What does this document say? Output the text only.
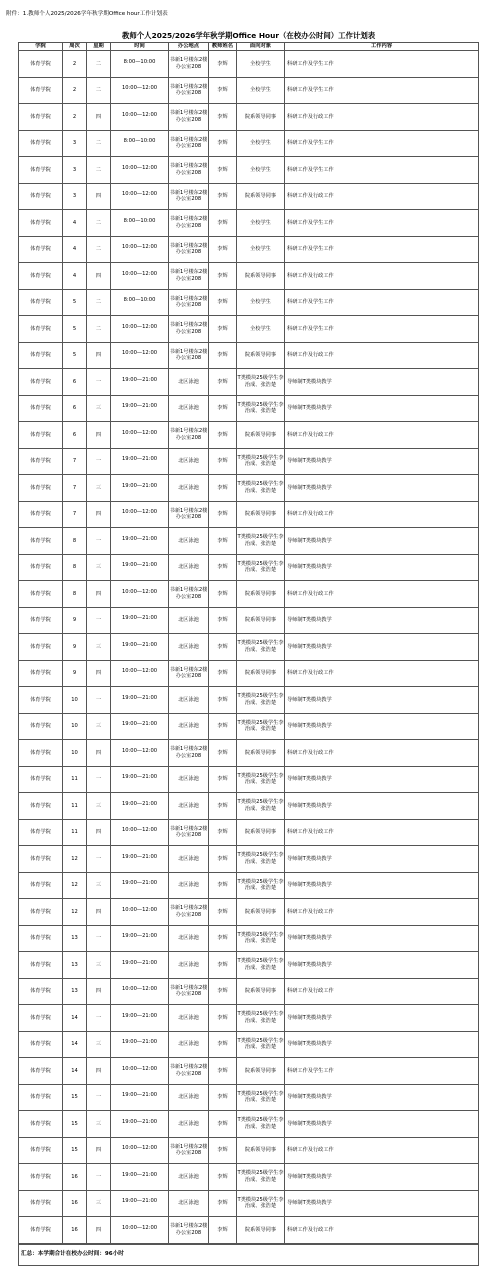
附件：1.教师个人2025/2026学年秋学期Office hour工作计划表
教师个人2025/2026学年秋学期Office Hour（在校办公时间）工作计划表							
学院	周次	星期	时间	办公地点	教师姓名	面向对象	工作内容
体育学院	2	二	8:00—10:00	书新1号楼东2楼办公室208	李辉	全校学生	科研工作及学生工作
体育学院	2	二	10:00—12:00	书新1号楼东2楼办公室208	李辉	全校学生	科研工作及学生工作
体育学院	2	四	10:00—12:00	书新1号楼东2楼办公室208	李辉	院系领导同事	科研工作及行政工作
体育学院	3	二	8:00—10:00	书新1号楼东2楼办公室208	李辉	全校学生	科研工作及学生工作
体育学院	3	二	10:00—12:00	书新1号楼东2楼办公室208	李辉	全校学生	科研工作及学生工作
体育学院	3	四	10:00—12:00	书新1号楼东2楼办公室208	李辉	院系领导同事	科研工作及行政工作
体育学院	4	二	8:00—10:00	书新1号楼东2楼办公室208	李辉	全校学生	科研工作及学生工作
体育学院	4	二	10:00—12:00	书新1号楼东2楼办公室208	李辉	全校学生	科研工作及学生工作
体育学院	4	四	10:00—12:00	书新1号楼东2楼办公室208	李辉	院系领导同事	科研工作及行政工作
体育学院	5	二	8:00—10:00	书新1号楼东2楼办公室208	李辉	全校学生	科研工作及学生工作
体育学院	5	二	10:00—12:00	书新1号楼东2楼办公室208	李辉	全校学生	科研工作及学生工作
体育学院	5	四	10:00—12:00	书新1号楼东2楼办公室208	李辉	院系领导同事	科研工作及行政工作
体育学院	6	一	19:00—21:00	北区泳池	李辉	T类模块25级学生李治成、张浩楚	导师制T类模块教学
体育学院	6	三	19:00—21:00	北区泳池	李辉	T类模块25级学生李治成、张浩楚	导师制T类模块教学
体育学院	6	四	10:00—12:00	书新1号楼东2楼办公室208	李辉	院系领导同事	科研工作及行政工作
体育学院	7	一	19:00—21:00	北区泳池	李辉	T类模块25级学生李治成、张浩楚	导师制T类模块教学
体育学院	7	三	19:00—21:00	北区泳池	李辉	T类模块25级学生李治成、张浩楚	导师制T类模块教学
体育学院	7	四	10:00—12:00	书新1号楼东2楼办公室208	李辉	院系领导同事	科研工作及行政工作
体育学院	8	一	19:00—21:00	北区泳池	李辉	T类模块25级学生李治成、张浩楚	导师制T类模块教学
体育学院	8	三	19:00—21:00	北区泳池	李辉	T类模块25级学生李治成、张浩楚	导师制T类模块教学
体育学院	8	四	10:00—12:00	书新1号楼东2楼办公室208	李辉	院系领导同事	科研工作及行政工作
体育学院	9	一	19:00—21:00	北区泳池	李辉	院系领导同事	导师制T类模块教学
体育学院	9	三	19:00—21:00	北区泳池	李辉	T类模块25级学生李治成、张浩楚	导师制T类模块教学
体育学院	9	四	10:00—12:00	书新1号楼东2楼办公室208	李辉	院系领导同事	科研工作及行政工作
体育学院	10	一	19:00—21:00	北区泳池	李辉	T类模块25级学生李治成、张浩楚	导师制T类模块教学
体育学院	10	三	19:00—21:00	北区泳池	李辉	T类模块25级学生李治成、张浩楚	导师制T类模块教学
体育学院	10	四	10:00—12:00	书新1号楼东2楼办公室208	李辉	院系领导同事	科研工作及行政工作
体育学院	11	一	19:00—21:00	北区泳池	李辉	T类模块25级学生李治成、张浩楚	导师制T类模块教学
体育学院	11	三	19:00—21:00	北区泳池	李辉	T类模块25级学生李治成、张浩楚	导师制T类模块教学
体育学院	11	四	10:00—12:00	书新1号楼东2楼办公室208	李辉	院系领导同事	科研工作及行政工作
体育学院	12	一	19:00—21:00	北区泳池	李辉	T类模块25级学生李治成、张浩楚	导师制T类模块教学
体育学院	12	三	19:00—21:00	北区泳池	李辉	T类模块25级学生李治成、张浩楚	导师制T类模块教学
体育学院	12	四	10:00—12:00	书新1号楼东2楼办公室208	李辉	院系领导同事	科研工作及行政工作
体育学院	13	一	19:00—21:00	北区泳池	李辉	T类模块25级学生李治成、张浩楚	导师制T类模块教学
体育学院	13	三	19:00—21:00	北区泳池	李辉	T类模块25级学生李治成、张浩楚	导师制T类模块教学
体育学院	13	四	10:00—12:00	书新1号楼东2楼办公室208	李辉	院系领导同事	科研工作及行政工作
体育学院	14	一	19:00—21:00	北区泳池	李辉	T类模块25级学生李治成、张浩楚	导师制T类模块教学
体育学院	14	三	19:00—21:00	北区泳池	李辉	T类模块25级学生李治成、张浩楚	导师制T类模块教学
体育学院	14	四	10:00—12:00	书新1号楼东2楼办公室208	李辉	院系领导同事	科研工作及学生工作
体育学院	15	一	19:00—21:00	北区泳池	李辉	T类模块25级学生李治成、张浩楚	导师制T类模块教学
体育学院	15	三	19:00—21:00	北区泳池	李辉	T类模块25级学生李治成、张浩楚	导师制T类模块教学
体育学院	15	四	10:00—12:00	书新1号楼东2楼办公室208	李辉	院系领导同事	科研工作及行政工作
体育学院	16	一	19:00—21:00	北区泳池	李辉	T类模块25级学生李治成、张浩楚	导师制T类模块教学
体育学院	16	三	19:00—21:00	北区泳池	李辉	T类模块25级学生李治成、张浩楚	导师制T类模块教学
体育学院	16	四	10:00—12:00	书新1号楼东2楼办公室208	李辉	院系领导同事	科研工作及行政工作

汇总：本学期合计在校办公时间：96小时							
